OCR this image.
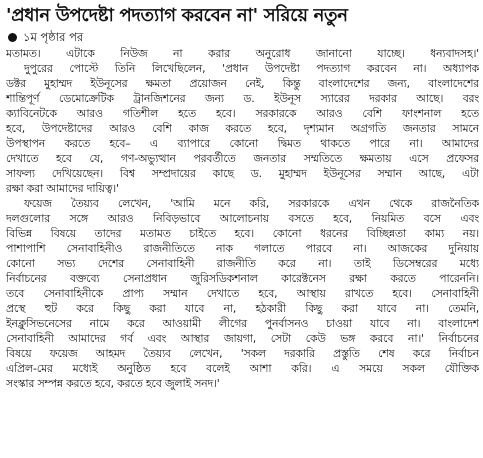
'প্রধান উপদেষ্টা পদত্যাগ করবেন না' সরিয়ে নতুন
১ম পৃষ্ঠার পর
মতামত। এটাকে নিউজ না করার অনুরোধ জানানো যাচ্ছে। ধন্যবাদসহ।'
দুপুরের পোস্টে তিনি লিখেছিলেন, 'প্রধান উপদেষ্টা পদত্যাগ করবেন না। অধ্যাপক
ডক্টর মুহাম্মদ ইউনূসের ক্ষমতা প্রয়োজন নেই, কিন্তু বাংলাদেশের জন্য, বাংলাদেশের
শান্তিপূর্ণ ডেমোক্রেটিক ট্রানজিশনের জন্য ড. ইউনূস স্যারের দরকার আছে। বরং
ক্যাবিনেটকে আরও গতিশীল হতে হবে। সরকারকে আরও বেশি ফাংশনাল হতে
হবে, উপদেষ্টাদের আরও বেশি কাজ করতে হবে, দৃশ্যমান অগ্রগতি জনতার সামনে
উপস্থাপন করতে হবে– এ ব্যাপারে কোনো দ্বিমত থাকতে পারে না। আমাদের
দেখাতে হবে যে, গণ-অভ্যুত্থান পরবর্তীতে জনতার সম্মতিতে ক্ষমতায় এসে প্রফেসর
সাফল্য দেখিয়েছেন। বিশ্ব সম্প্রদায়ের কাছে ড. মুহাম্মদ ইউনূসের সম্মান আছে, এটা
রক্ষা করা আমাদের দায়িত্ব।'
ফয়েজ তৈয়্যব লেখেন, 'আমি মনে করি, সরকারকে এখন থেকে রাজনৈতিক
দলগুলোর সঙ্গে আরও নিবিড়ভাবে আলোচনায় বসতে হবে, নিয়মিত বসে এবং
বিভিন্ন বিষয়ে তাদের মতামত চাইতে হবে। কোনো ধরনের বিচ্ছিন্নতা কাম্য নয়।
পাশাপাশি সেনাবাহিনীও রাজনীতিতে নাক গলাতে পারবে না। আজকের দুনিয়ায়
কোনো সভ্য দেশের সেনাবাহিনী রাজনীতি করে না। তাই ডিসেম্বরের মধ্যে
নির্বাচনের বক্তব্যে সেনাপ্রধান জুরিসডিকশনাল কারেক্টনেস রক্ষা করতে পারেননি।
তবে সেনাবাহিনীকে প্রাপ্য সম্মান দেখাতে হবে, আস্থায় রাখতে হবে। সেনাবাহিনী
প্রস্থে হুট করে কিছু করা যাবে না, হঠকারী কিছু করা যাবে না। তেমনি,
ইনক্লুসিভনেসের নামে করে আওয়ামী লীগের পুনর্বাসনও চাওয়া যাবে না। বাংলাদেশ
সেনাবাহিনী আমাদের গর্ব এবং আস্থার জায়গা, সেটা কেউ ভঙ্গ করবে না।' নির্বাচনের
বিষয়ে ফয়েজ আহমদ তৈয়্যব লেখেন, 'সকল দরকারি প্রস্তুতি শেষ করে নির্বাচন
এপ্রিল-মের মধ্যেই অনুষ্ঠিত হবে বলেই আশা করি। এ সময়ে সকল যৌক্তিক
সংস্কার সম্পন্ন করতে হবে, করতে হবে জুলাই সনদ।'
